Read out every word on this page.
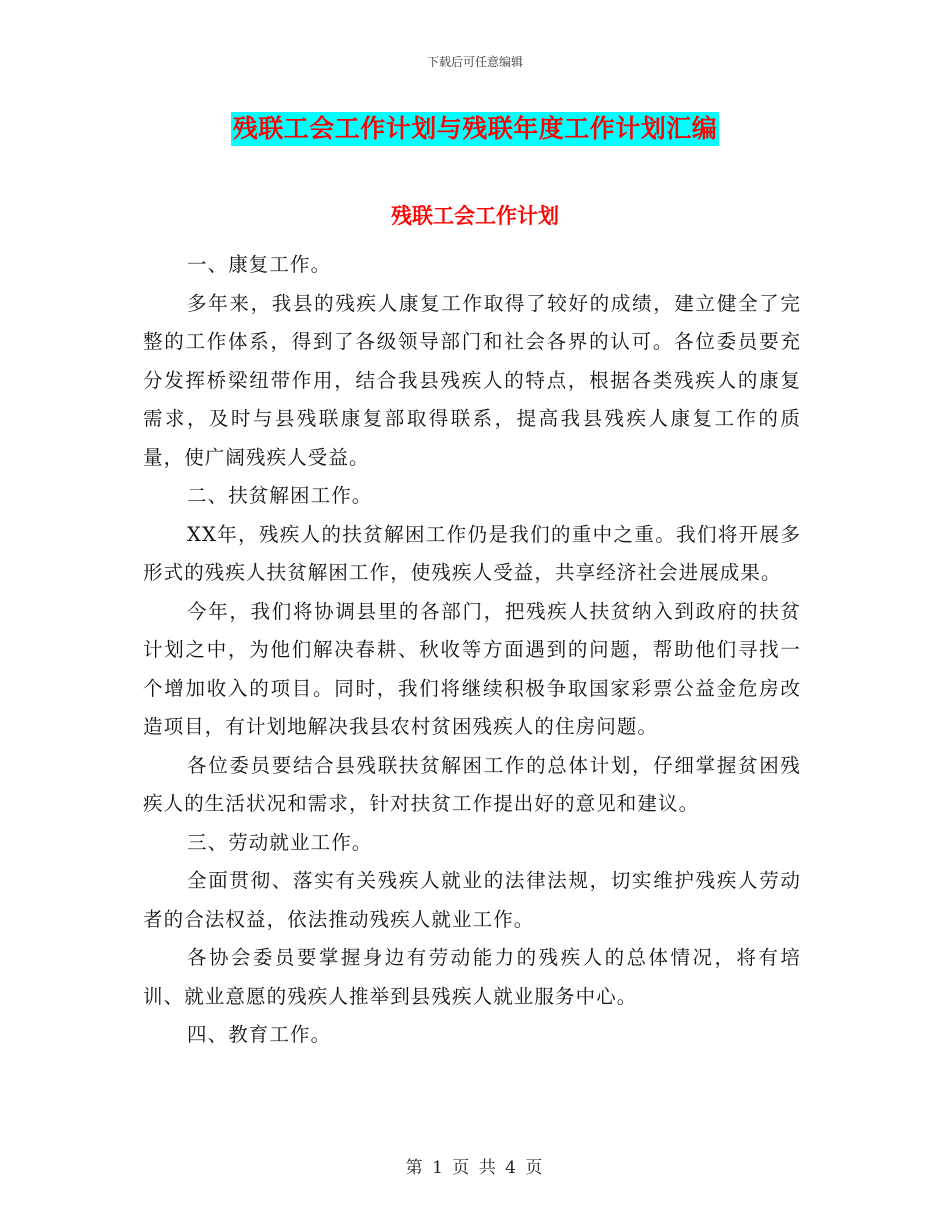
下载后可任意编辑
残联工会工作计划与残联年度工作计划汇编
残联工会工作计划

一、康复工作。

多年来，我县的残疾人康复工作取得了较好的成绩，建立健全了完整的工作体系，得到了各级领导部门和社会各界的认可。各位委员要充分发挥桥梁纽带作用，结合我县残疾人的特点，根据各类残疾人的康复需求，及时与县残联康复部取得联系，提高我县残疾人康复工作的质量，使广阔残疾人受益。

二、扶贫解困工作。

XX年，残疾人的扶贫解困工作仍是我们的重中之重。我们将开展多形式的残疾人扶贫解困工作，使残疾人受益，共享经济社会进展成果。

今年，我们将协调县里的各部门，把残疾人扶贫纳入到政府的扶贫计划之中，为他们解决春耕、秋收等方面遇到的问题，帮助他们寻找一个增加收入的项目。同时，我们将继续积极争取国家彩票公益金危房改造项目，有计划地解决我县农村贫困残疾人的住房问题。

各位委员要结合县残联扶贫解困工作的总体计划，仔细掌握贫困残疾人的生活状况和需求，针对扶贫工作提出好的意见和建议。

三、劳动就业工作。

全面贯彻、落实有关残疾人就业的法律法规，切实维护残疾人劳动者的合法权益，依法推动残疾人就业工作。

各协会委员要掌握身边有劳动能力的残疾人的总体情况，将有培训、就业意愿的残疾人推举到县残疾人就业服务中心。

四、教育工作。

第 1 页 共 4 页
